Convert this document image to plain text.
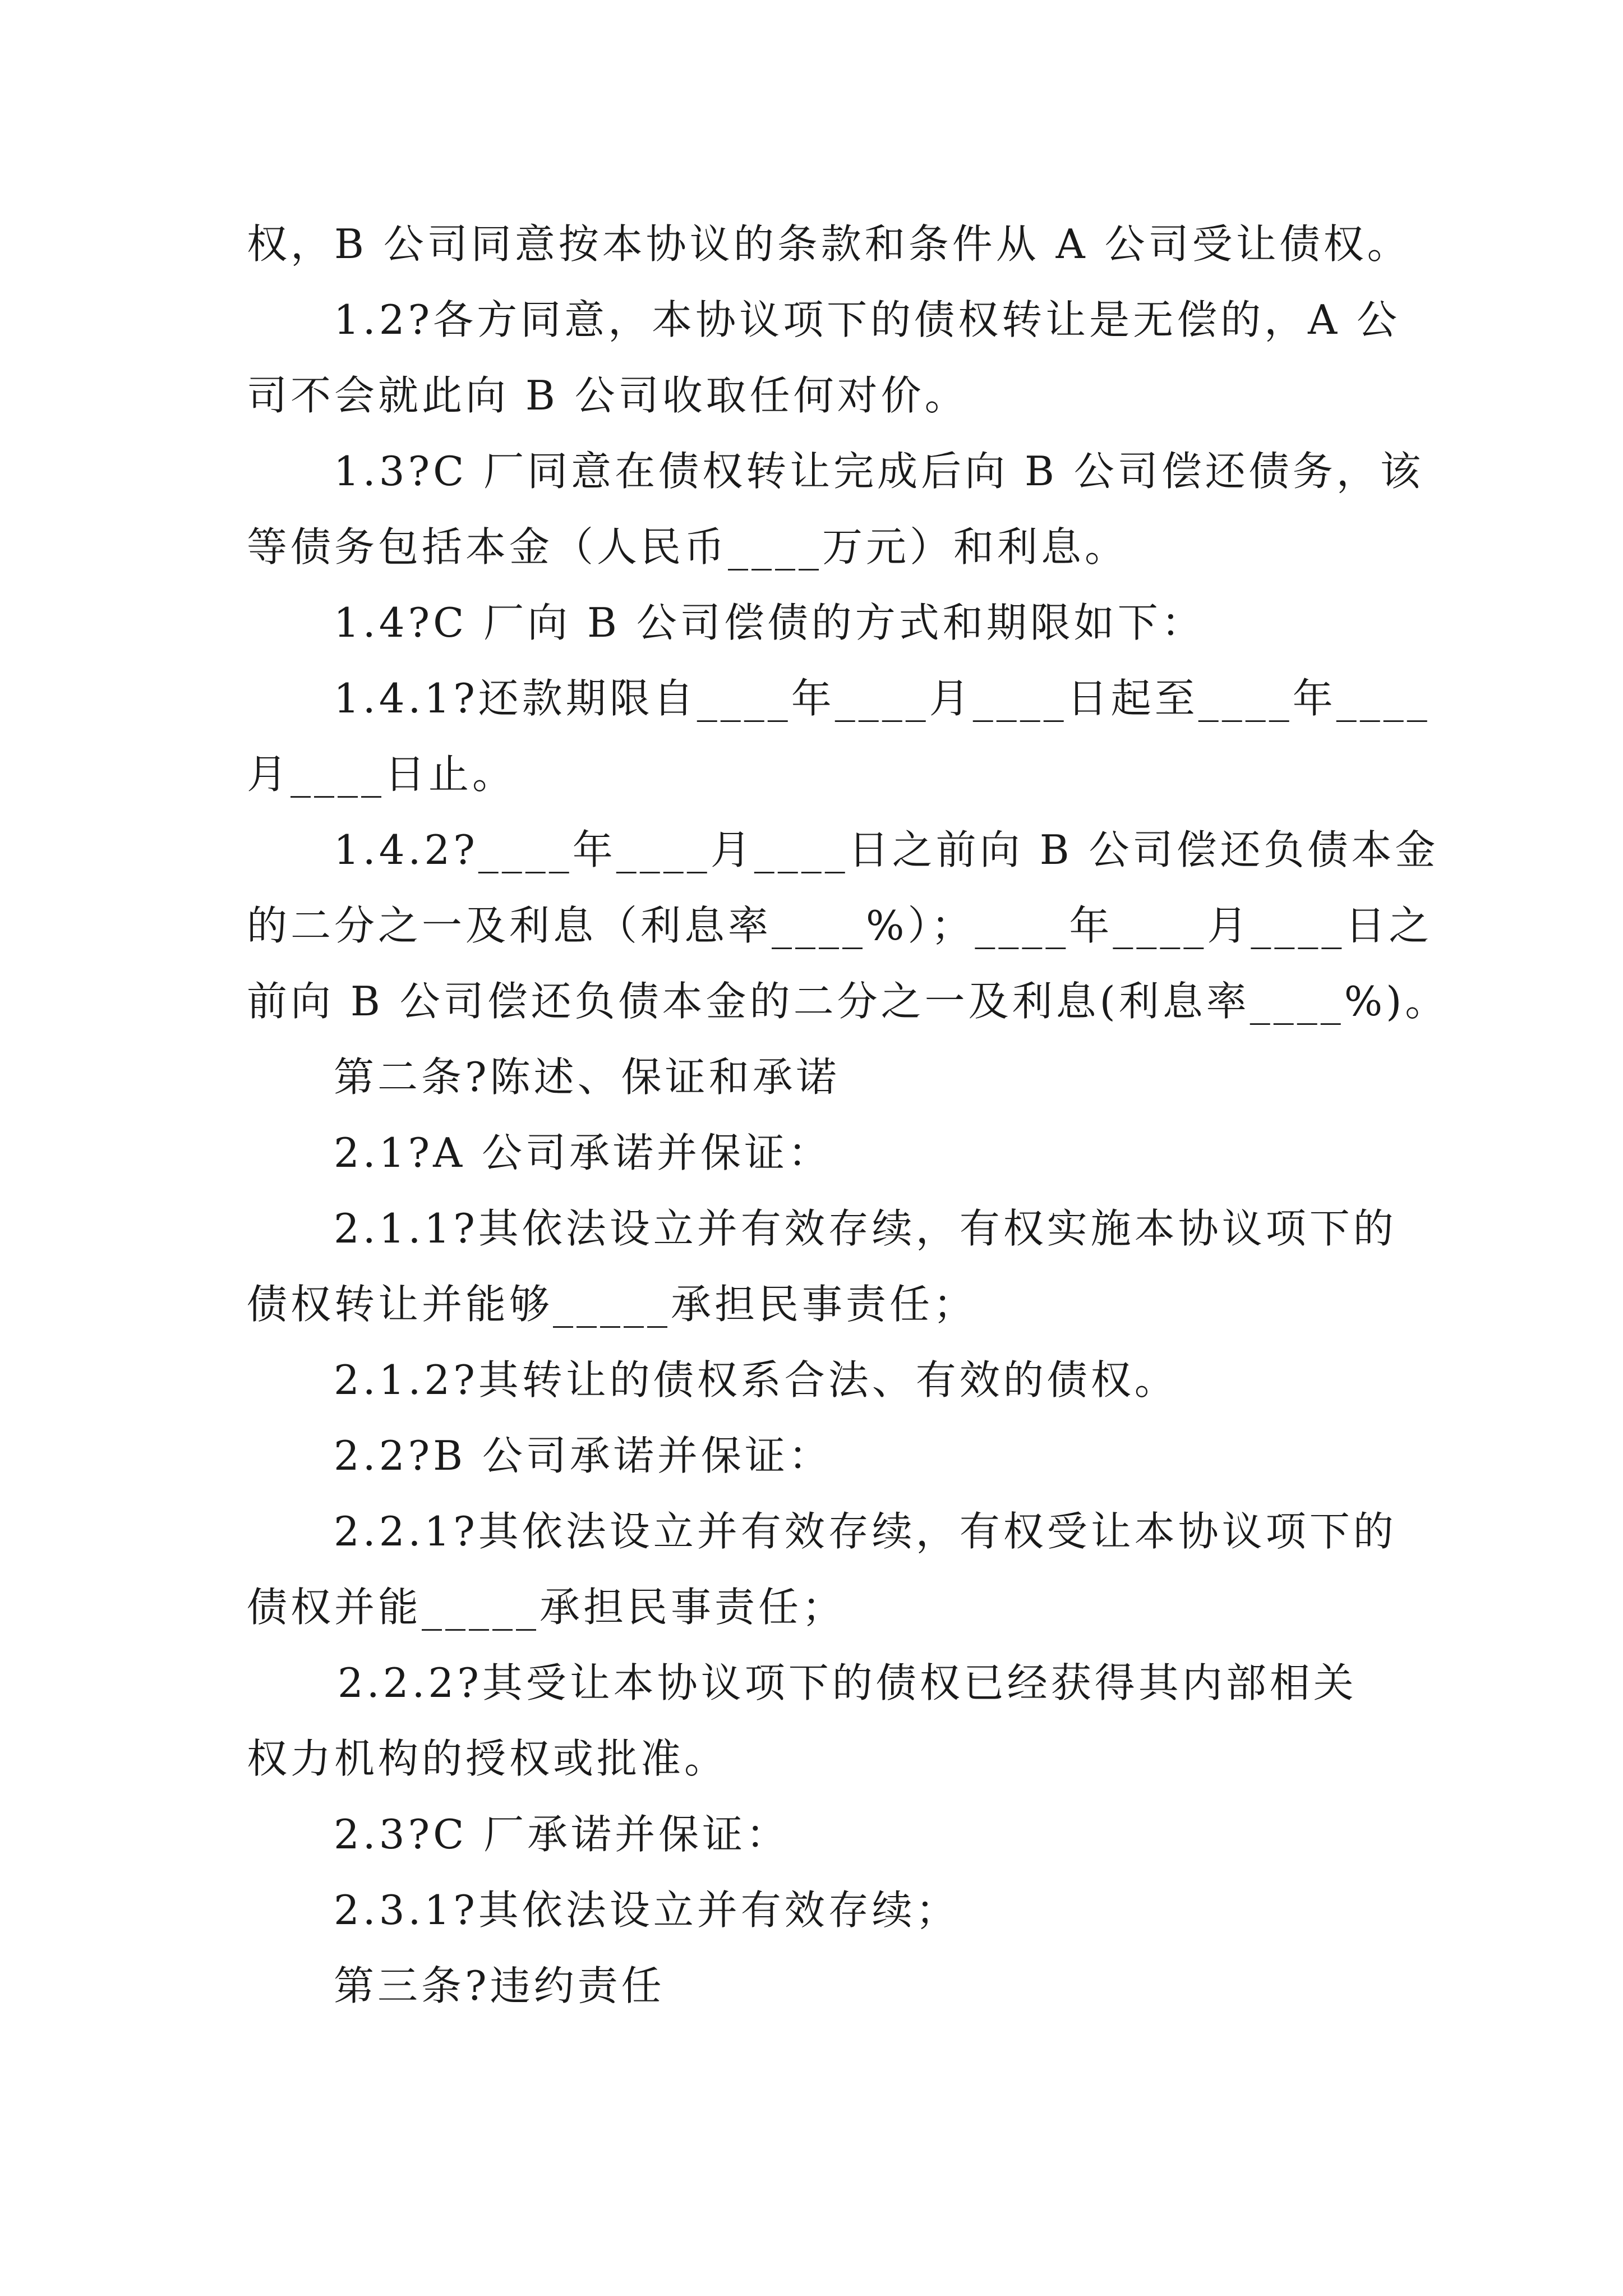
权，B 公司同意按本协议的条款和条件从 A 公司受让债权。
1.2?各方同意，本协议项下的债权转让是无偿的，A 公
司不会就此向 B 公司收取任何对价。
1.3?C 厂同意在债权转让完成后向 B 公司偿还债务，该
等债务包括本金（人民币____万元）和利息。
1.4?C 厂向 B 公司偿债的方式和期限如下：
1.4.1?还款期限自____年____月____日起至____年____
月____日止。
1.4.2?____年____月____日之前向 B 公司偿还负债本金
的二分之一及利息（利息率____%）；____年____月____日之
前向 B 公司偿还负债本金的二分之一及利息(利息率____%)。
第二条?陈述、保证和承诺
2.1?A 公司承诺并保证：
2.1.1?其依法设立并有效存续，有权实施本协议项下的
债权转让并能够_____承担民事责任；
2.1.2?其转让的债权系合法、有效的债权。
2.2?B 公司承诺并保证：
2.2.1?其依法设立并有效存续，有权受让本协议项下的
债权并能_____承担民事责任；
2.2.2?其受让本协议项下的债权已经获得其内部相关
权力机构的授权或批准。
2.3?C 厂承诺并保证：
2.3.1?其依法设立并有效存续；
第三条?违约责任
